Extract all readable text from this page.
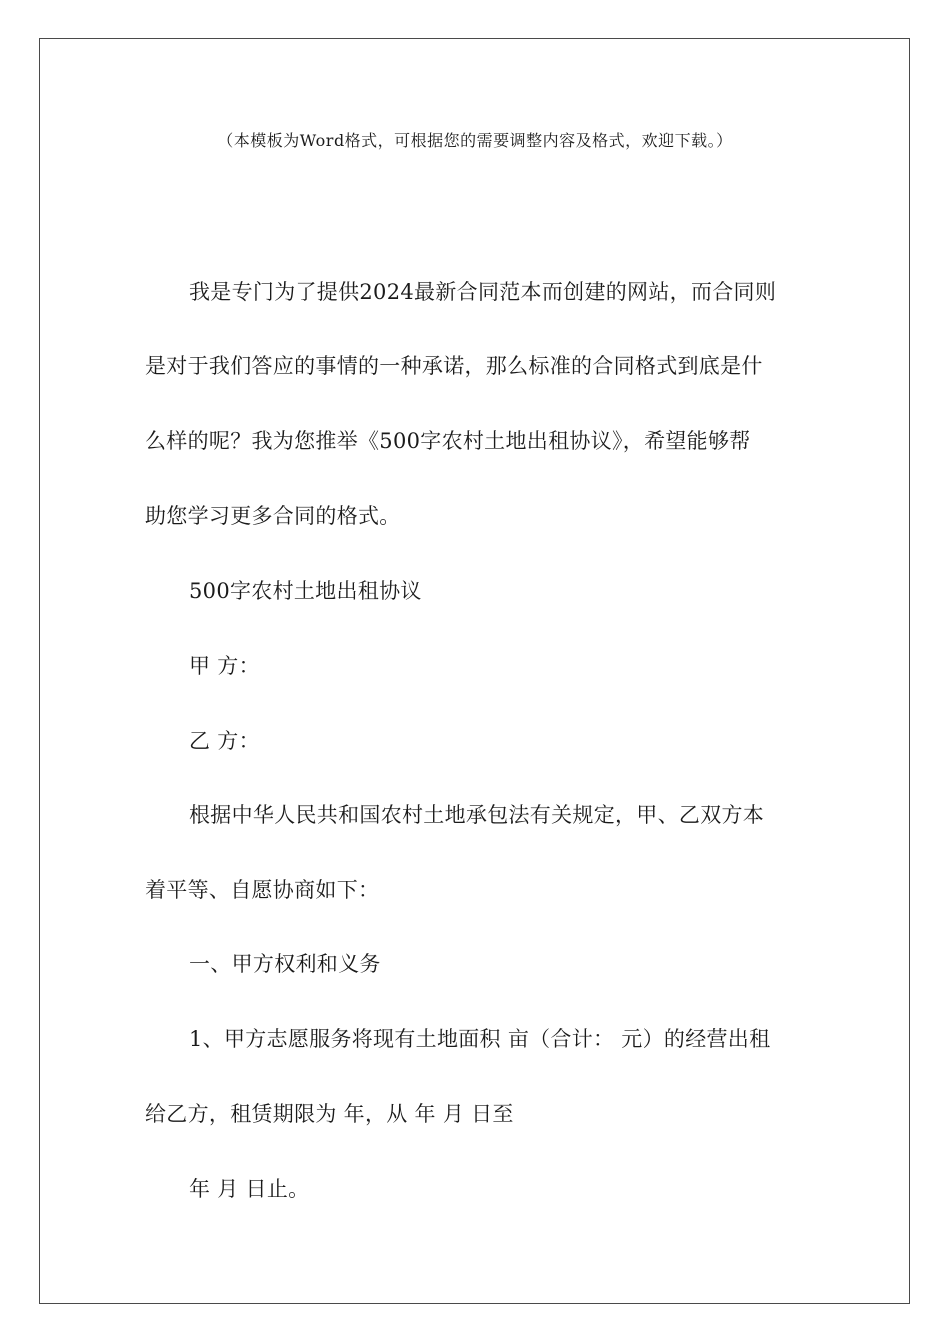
（本模板为Word格式，可根据您的需要调整内容及格式，欢迎下载。）
我是专门为了提供2024最新合同范本而创建的网站，而合同则
是对于我们答应的事情的一种承诺，那么标准的合同格式到底是什
么样的呢？我为您推举《500字农村土地出租协议》，希望能够帮
助您学习更多合同的格式。
500字农村土地出租协议
甲 方：
乙 方：
根据中华人民共和国农村土地承包法有关规定，甲、乙双方本
着平等、自愿协商如下：
一、甲方权利和义务
1、甲方志愿服务将现有土地面积 亩（合计： 元）的经营出租
给乙方，租赁期限为 年，从 年 月 日至
年 月 日止。
